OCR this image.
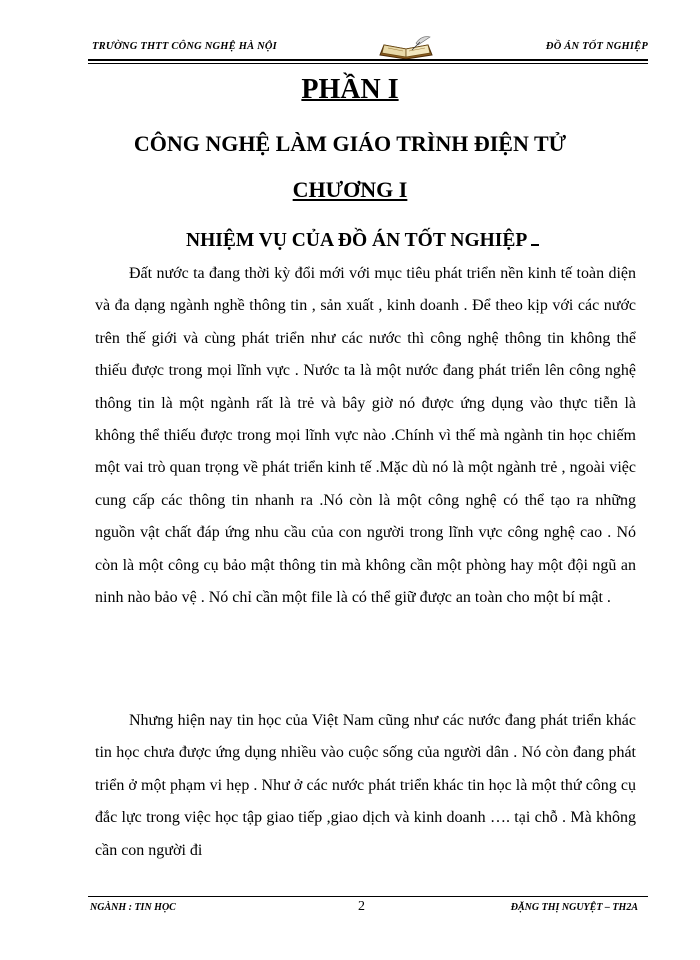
TRƯỜNG THTT CÔNG NGHỆ HÀ NỘI	ĐỒ ÁN TỐT NGHIỆP
PHẦN I
CÔNG NGHỆ LÀM GIÁO TRÌNH ĐIỆN TỬ
CHƯƠNG I
NHIỆM VỤ CỦA ĐỒ ÁN TỐT NGHIỆP

Đất nước ta đang thời kỳ đổi mới với mục tiêu phát triển nền kinh tế toàn diện và đa dạng ngành nghề thông tin , sản xuất , kinh doanh . Để theo kịp với các nước trên thế giới và cùng phát triển như các nước thì công nghệ thông tin không thể thiếu được trong mọi lĩnh vực . Nước ta là một nước đang phát triển lên công nghệ thông tin là một ngành rất là trẻ và bây giờ nó được ứng dụng vào thực tiễn là không thể thiếu được trong mọi lĩnh vực nào .Chính vì thế mà ngành tin học chiếm một vai trò quan trọng về phát triển kinh tế .Mặc dù nó là một ngành trẻ , ngoài việc cung cấp các thông tin nhanh ra .Nó còn là một công nghệ có thể tạo ra những nguồn vật chất đáp ứng nhu cầu của con người trong lĩnh vực công nghệ cao . Nó còn là một công cụ bảo mật thông tin mà không cần một phòng hay một đội ngũ an ninh nào bảo vệ . Nó chỉ cần một file là có thể giữ được an toàn cho một bí mật .

Nhưng hiện nay tin học của Việt Nam cũng như các nước đang phát triển khác tin học chưa được ứng dụng nhiều vào cuộc sống của người dân . Nó còn đang phát triển ở một phạm vi hẹp . Như ở các nước phát triển khác tin học là một thứ công cụ đắc lực trong việc học tập giao tiếp ,giao dịch và kinh doanh …. tại chỗ . Mà không cần con người đi

NGÀNH : TIN HỌC	2	ĐẶNG THỊ NGUYỆT – TH2A
